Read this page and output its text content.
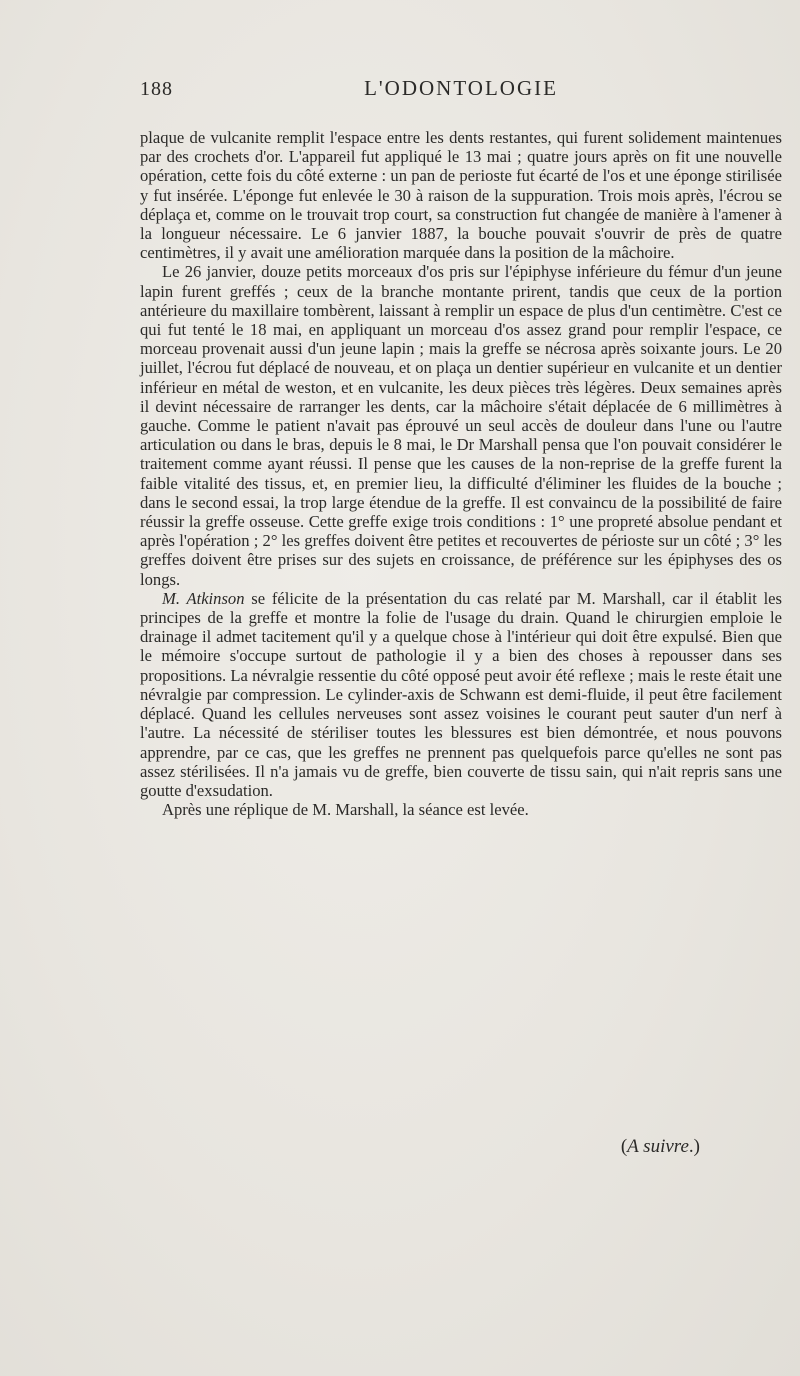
188	L'ODONTOLOGIE

plaque de vulcanite remplit l'espace entre les dents restantes, qui furent solidement maintenues par des crochets d'or. L'appareil fut appliqué le 13 mai ; quatre jours après on fit une nouvelle opération, cette fois du côté externe : un pan de perioste fut écarté de l'os et une éponge stirilisée y fut insérée. L'éponge fut enlevée le 30 à raison de la suppuration. Trois mois après, l'écrou se déplaça et, comme on le trouvait trop court, sa construction fut changée de manière à l'amener à la longueur nécessaire. Le 6 janvier 1887, la bouche pouvait s'ouvrir de près de quatre centimètres, il y avait une amélioration marquée dans la position de la mâchoire.

Le 26 janvier, douze petits morceaux d'os pris sur l'épiphyse inférieure du fémur d'un jeune lapin furent greffés ; ceux de la branche montante prirent, tandis que ceux de la portion antérieure du maxillaire tombèrent, laissant à remplir un espace de plus d'un centimètre. C'est ce qui fut tenté le 18 mai, en appliquant un morceau d'os assez grand pour remplir l'espace, ce morceau provenait aussi d'un jeune lapin ; mais la greffe se nécrosa après soixante jours. Le 20 juillet, l'écrou fut déplacé de nouveau, et on plaça un dentier supérieur en vulcanite et un dentier inférieur en métal de weston, et en vulcanite, les deux pièces très légères. Deux semaines après il devint nécessaire de rarranger les dents, car la mâchoire s'était déplacée de 6 millimètres à gauche. Comme le patient n'avait pas éprouvé un seul accès de douleur dans l'une ou l'autre articulation ou dans le bras, depuis le 8 mai, le Dr Marshall pensa que l'on pouvait considérer le traitement comme ayant réussi. Il pense que les causes de la non-reprise de la greffe furent la faible vitalité des tissus, et, en premier lieu, la difficulté d'éliminer les fluides de la bouche ; dans le second essai, la trop large étendue de la greffe. Il est convaincu de la possibilité de faire réussir la greffe osseuse. Cette greffe exige trois conditions : 1° une propreté absolue pendant et après l'opération ; 2° les greffes doivent être petites et recouvertes de périoste sur un côté ; 3° les greffes doivent être prises sur des sujets en croissance, de préférence sur les épiphyses des os longs.

M. Atkinson se félicite de la présentation du cas relaté par M. Marshall, car il établit les principes de la greffe et montre la folie de l'usage du drain. Quand le chirurgien emploie le drainage il admet tacitement qu'il y a quelque chose à l'intérieur qui doit être expulsé. Bien que le mémoire s'occupe surtout de pathologie il y a bien des choses à repousser dans ses propositions. La névralgie ressentie du côté opposé peut avoir été reflexe ; mais le reste était une névralgie par compression. Le cylinder-axis de Schwann est demi-fluide, il peut être facilement déplacé. Quand les cellules nerveuses sont assez voisines le courant peut sauter d'un nerf à l'autre. La nécessité de stériliser toutes les blessures est bien démontrée, et nous pouvons apprendre, par ce cas, que les greffes ne prennent pas quelquefois parce qu'elles ne sont pas assez stérilisées. Il n'a jamais vu de greffe, bien couverte de tissu sain, qui n'ait repris sans une goutte d'exsudation.

Après une réplique de M. Marshall, la séance est levée.

(A suivre.)
